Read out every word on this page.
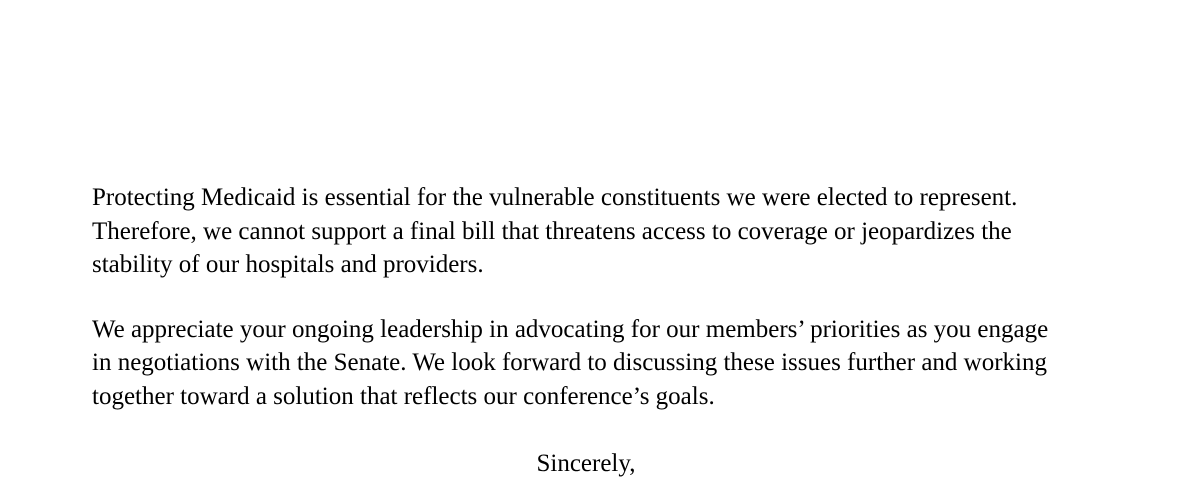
Protecting Medicaid is essential for the vulnerable constituents we were elected to represent.
Therefore, we cannot support a final bill that threatens access to coverage or jeopardizes the
stability of our hospitals and providers.

We appreciate your ongoing leadership in advocating for our members’ priorities as you engage
in negotiations with the Senate. We look forward to discussing these issues further and working
together toward a solution that reflects our conference’s goals.

Sincerely,
